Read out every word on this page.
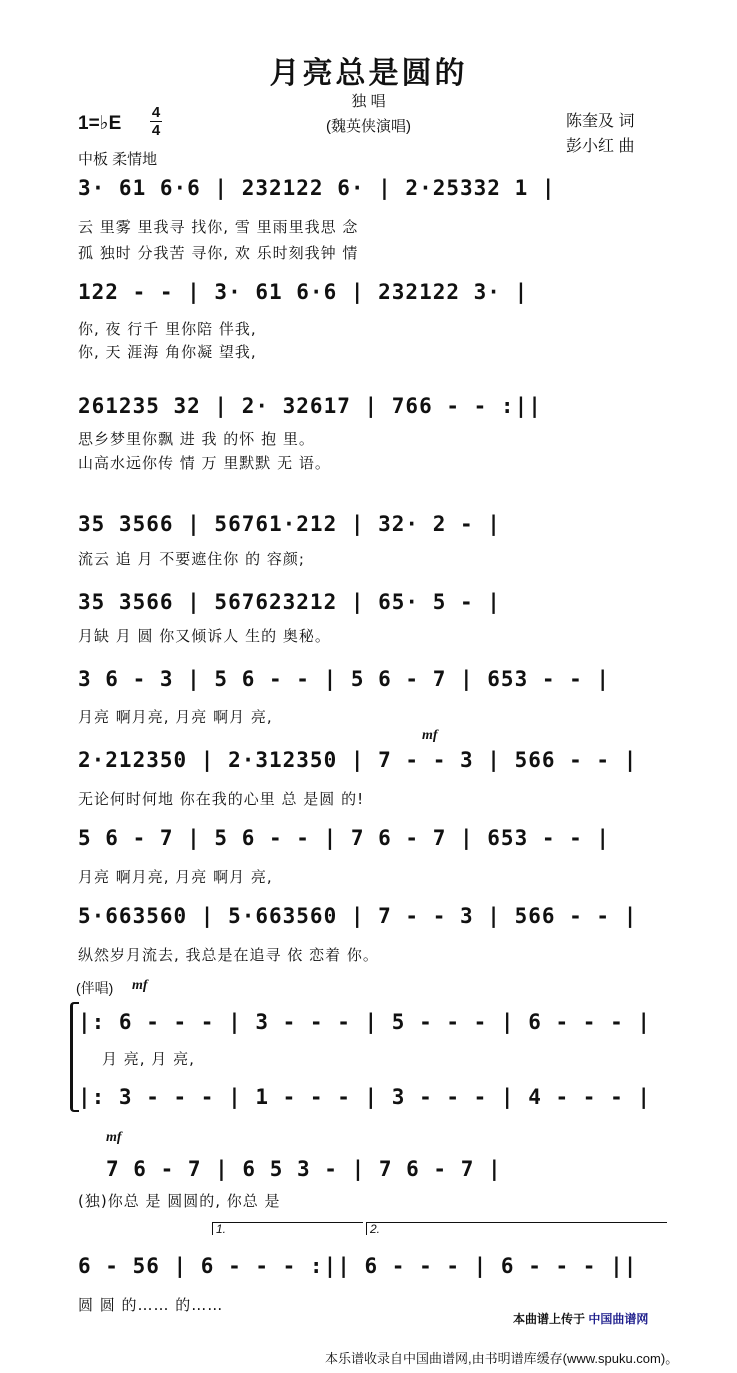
月亮总是圆的
独 唱
(魏英侠演唱)	陈奎及 词
彭小红 曲
1=♭E
4
4
中板 柔情地
3· 61 6·6 | 232122 6· | 2·25332 1 |
云 里雾 里我寻 找你, 雪 里雨里我思 念
孤 独时 分我苦 寻你, 欢 乐时刻我钟 情
122 - - | 3· 61 6·6 | 232122 3· |
你, 夜 行千 里你陪 伴我,
你, 天 涯海 角你凝 望我,
261235 32 | 2· 32617 | 766 - - :||
思乡梦里你飘 进 我 的怀 抱 里。
山高水远你传 情 万 里默默 无 语。
35 3566 | 56761·212 | 32· 2 - |
流云 追 月 不要遮住你 的 容颜;
35 3566 | 567623212 | 65· 5 - |
月缺 月 圆 你又倾诉人 生的 奥秘。
3 6 - 3 | 5 6 - - | 5 6 - 7 | 653 - - |
月亮 啊月亮, 月亮 啊月 亮,
mf
2·212350 | 2·312350 | 7 - - 3 | 566 - - |
无论何时何地 你在我的心里 总 是圆 的!
5 6 - 7 | 5 6 - - | 7 6 - 7 | 653 - - |
月亮 啊月亮, 月亮 啊月 亮,
5·663560 | 5·663560 | 7 - - 3 | 566 - - |
纵然岁月流去, 我总是在追寻 依 恋着 你。
(伴唱) mf
|: 6 - - - | 3 - - - | 5 - - - | 6 - - - |
月 亮, 月 亮,
|: 3 - - - | 1 - - - | 3 - - - | 4 - - - |
mf
7 6 - 7 | 6 5 3 - | 7 6 - 7 |
(独)你总 是 圆圆的, 你总 是
1.	2.
6 - 56 | 6 - - - :|| 6 - - - | 6 - - - ||
圆 圆 的…… 的……
本曲谱上传于 中国曲谱网
本乐谱收录自中国曲谱网,由书明谱库缓存(www.spuku.com)。
